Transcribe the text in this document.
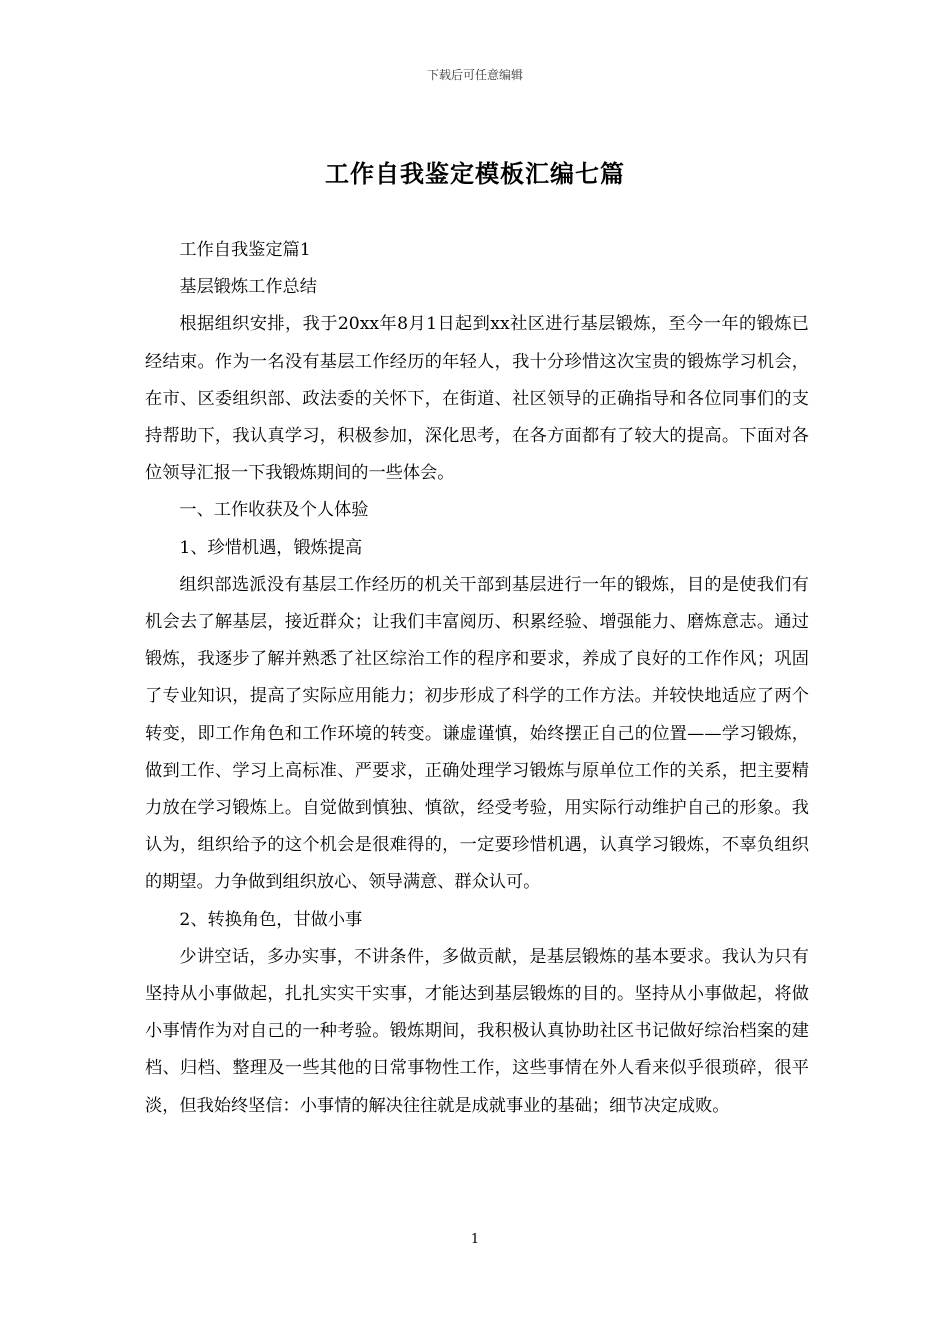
下载后可任意编辑
工作自我鉴定模板汇编七篇

工作自我鉴定篇1

基层锻炼工作总结

根据组织安排，我于20xx年8月1日起到xx社区进行基层锻炼，至今一年的锻炼已经结束。作为一名没有基层工作经历的年轻人，我十分珍惜这次宝贵的锻炼学习机会，在市、区委组织部、政法委的关怀下，在街道、社区领导的正确指导和各位同事们的支持帮助下，我认真学习，积极参加，深化思考，在各方面都有了较大的提高。下面对各位领导汇报一下我锻炼期间的一些体会。

一、工作收获及个人体验

1、珍惜机遇，锻炼提高

组织部选派没有基层工作经历的机关干部到基层进行一年的锻炼，目的是使我们有机会去了解基层，接近群众；让我们丰富阅历、积累经验、增强能力、磨炼意志。通过锻炼，我逐步了解并熟悉了社区综治工作的程序和要求，养成了良好的工作作风；巩固了专业知识，提高了实际应用能力；初步形成了科学的工作方法。并较快地适应了两个转变，即工作角色和工作环境的转变。谦虚谨慎，始终摆正自己的位置——学习锻炼，做到工作、学习上高标准、严要求，正确处理学习锻炼与原单位工作的关系，把主要精力放在学习锻炼上。自觉做到慎独、慎欲，经受考验，用实际行动维护自己的形象。我认为，组织给予的这个机会是很难得的，一定要珍惜机遇，认真学习锻炼，不辜负组织的期望。力争做到组织放心、领导满意、群众认可。

2、转换角色，甘做小事

少讲空话，多办实事，不讲条件，多做贡献，是基层锻炼的基本要求。我认为只有坚持从小事做起，扎扎实实干实事，才能达到基层锻炼的目的。坚持从小事做起，将做小事情作为对自己的一种考验。锻炼期间，我积极认真协助社区书记做好综治档案的建档、归档、整理及一些其他的日常事物性工作，这些事情在外人看来似乎很琐碎，很平淡，但我始终坚信：小事情的解决往往就是成就事业的基础；细节决定成败。

1
